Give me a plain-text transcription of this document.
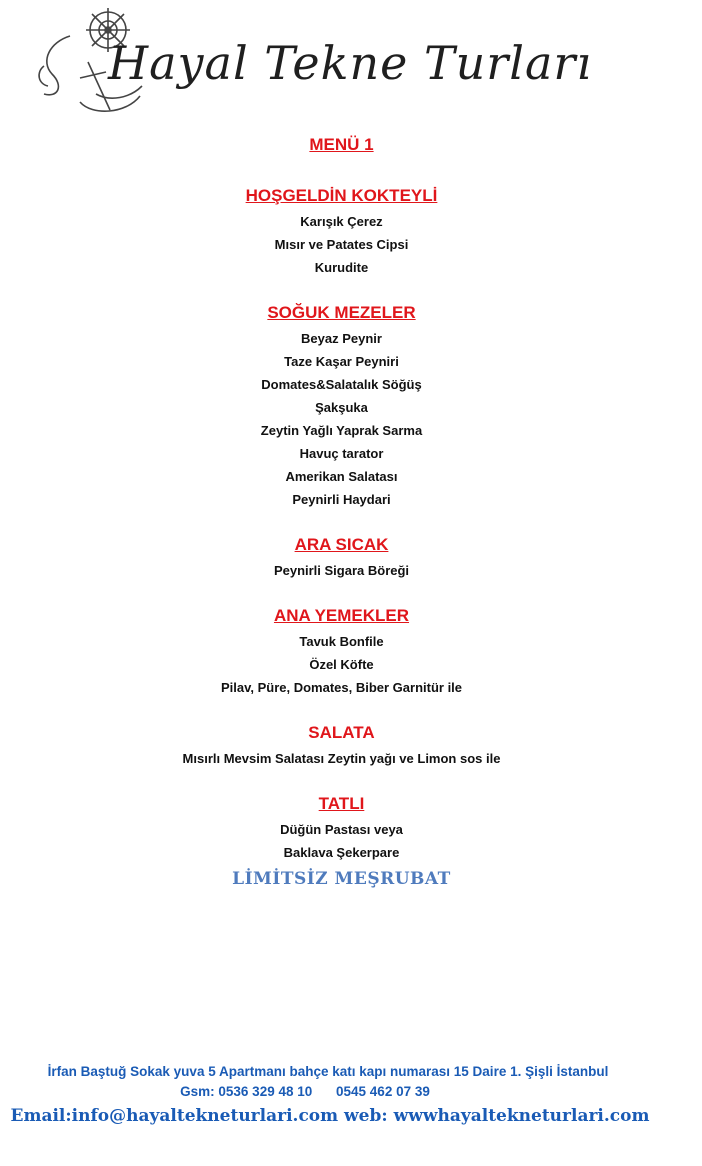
Hayal Tekne Turları
MENÜ 1
HOŞGELDİN KOKTEYLİ
Karışık Çerez
Mısır ve Patates Cipsi
Kurudite
SOĞUK MEZELER
Beyaz Peynir
Taze Kaşar Peyniri
Domates&Salatalık Söğüş
Şakşuka
Zeytin Yağlı Yaprak Sarma
Havuç tarator
Amerikan Salatası
Peynirli Haydari
ARA SICAK
Peynirli Sigara Böreği
ANA YEMEKLER
Tavuk Bonfile
Özel Köfte
Pilav, Püre, Domates, Biber Garnitür ile
SALATA
Mısırlı Mevsim Salatası Zeytin yağı ve Limon sos ile
TATLI
Düğün Pastası veya
Baklava Şekerpare
LİMİTSİZ MEŞRUBAT
İrfan Baştuğ Sokak yuva 5 Apartmanı bahçe katı kapı numarası 15 Daire 1. Şişli İstanbul
Gsm: 0536 329 48 10 0545 462 07 39
Email:info@hayaltekneturlari.com web: wwwhayaltekneturlari.com
